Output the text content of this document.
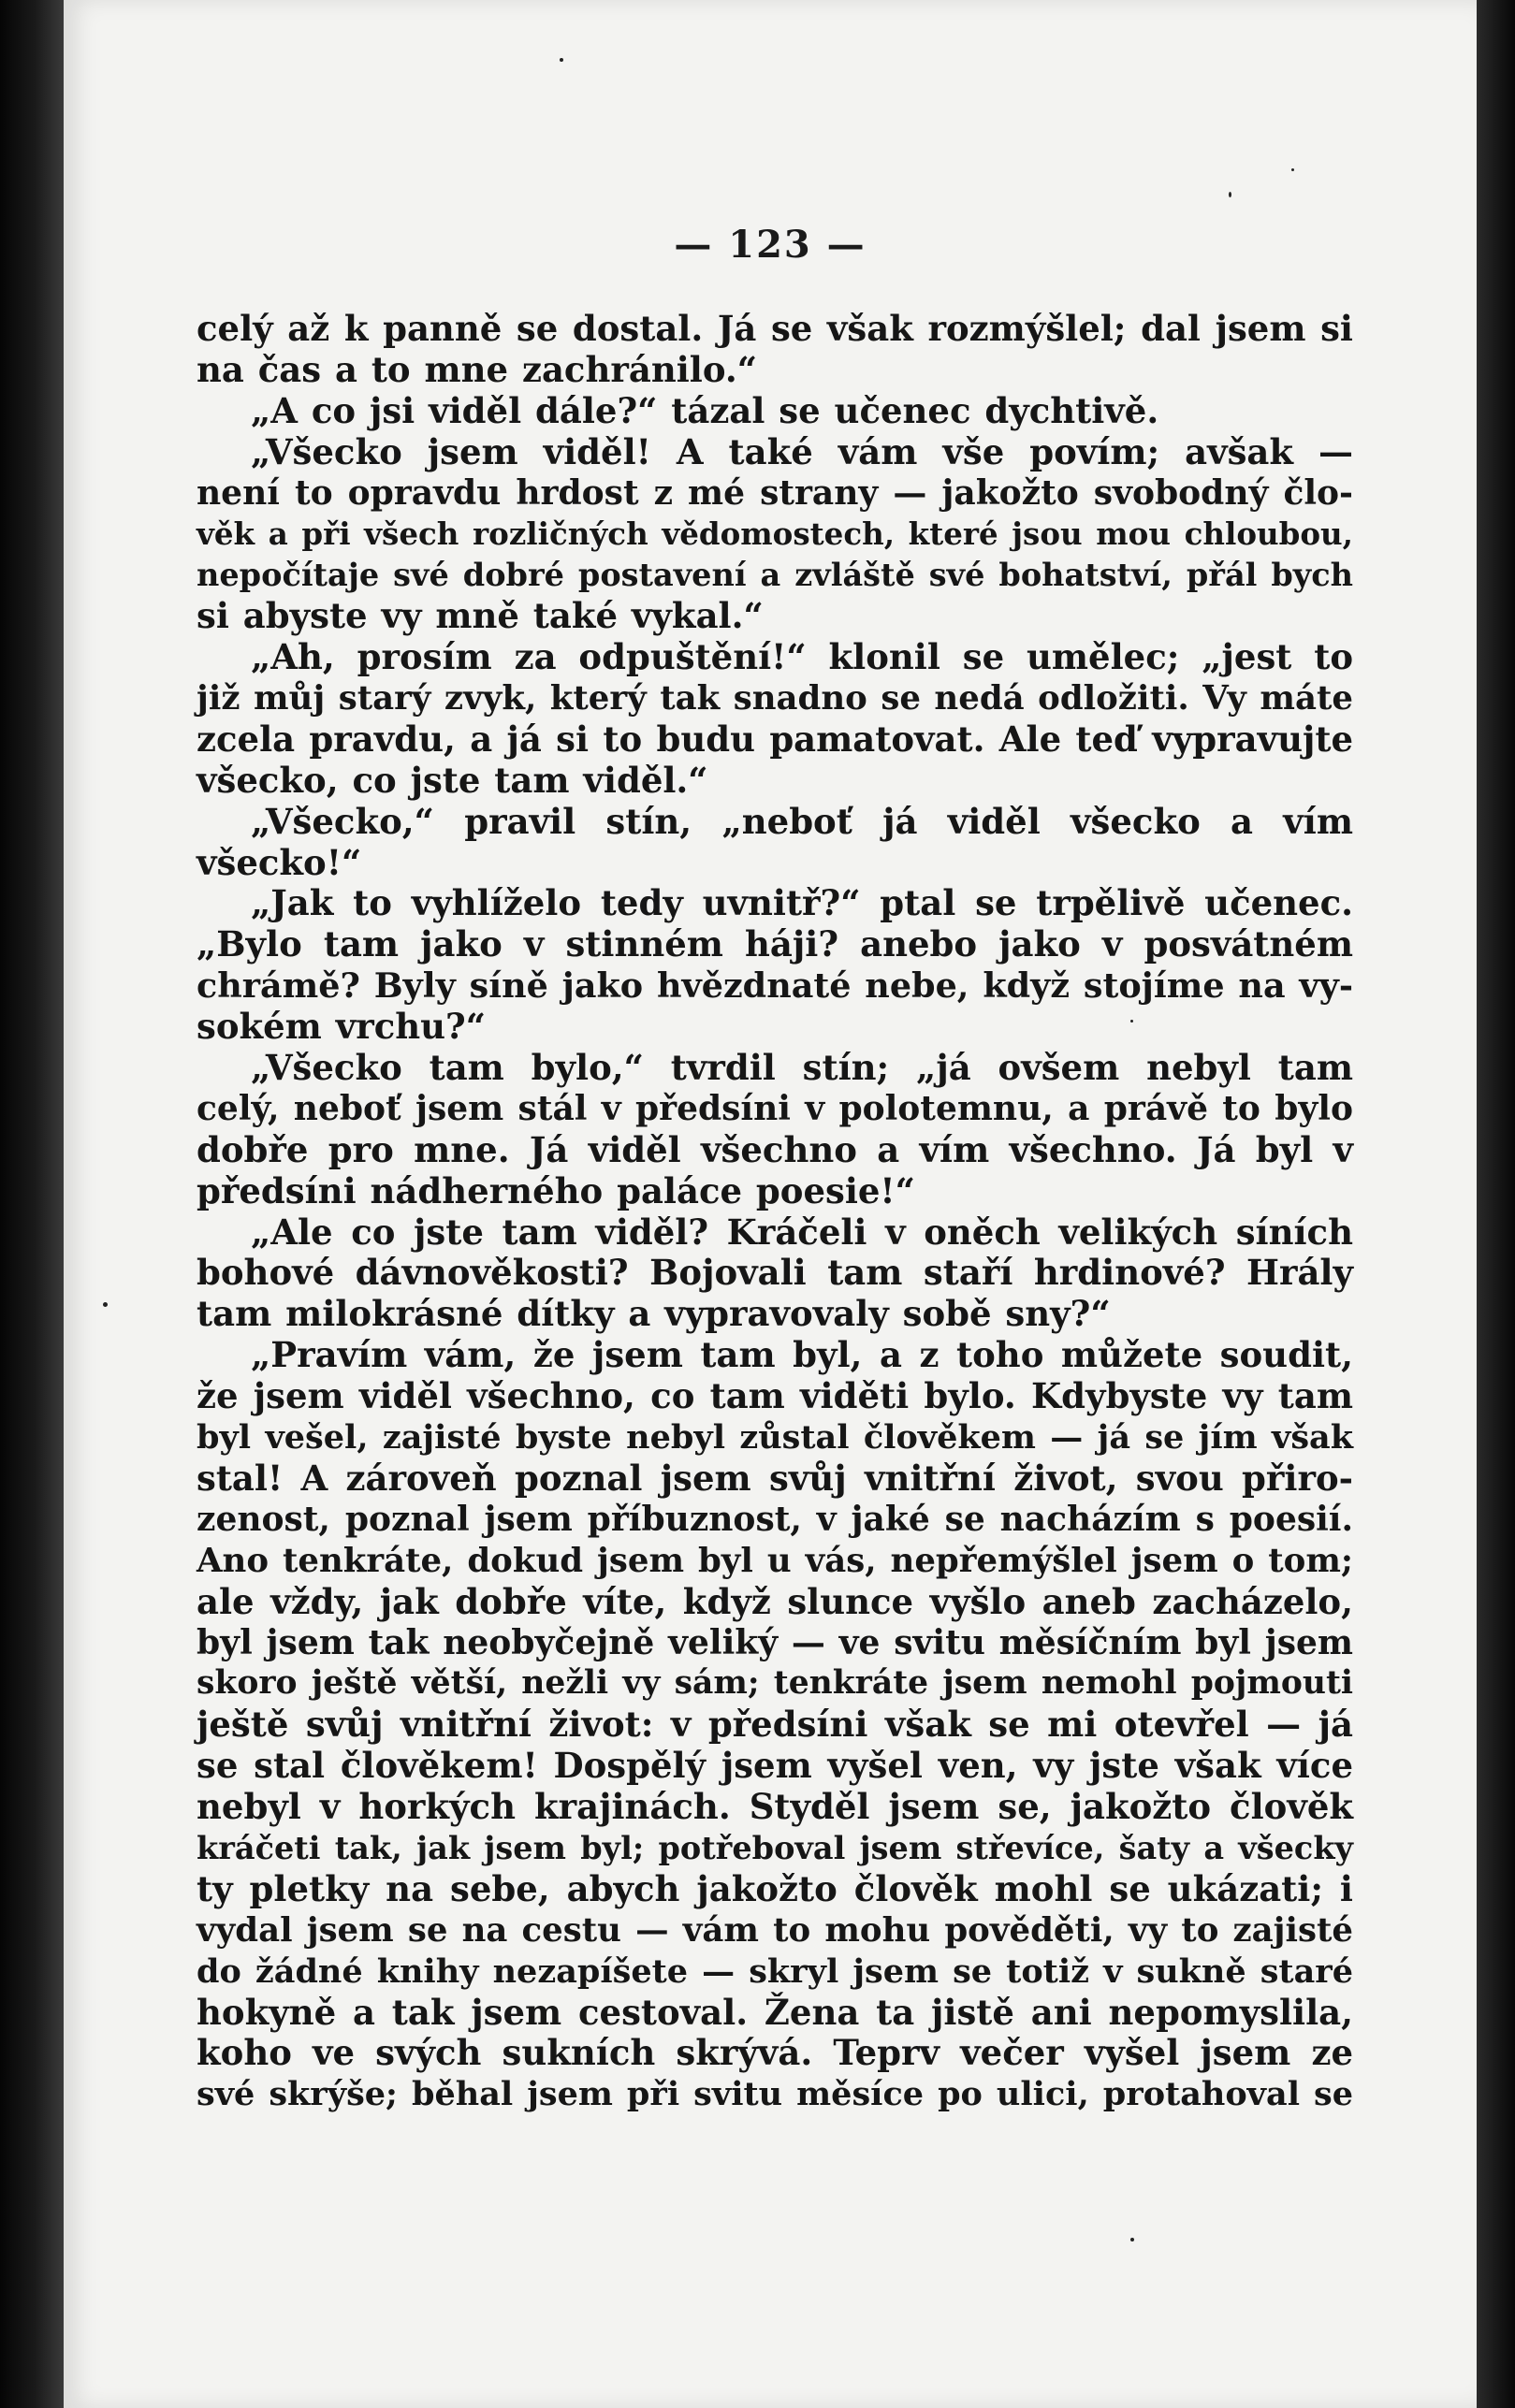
— 123 —
celý až k panně se dostal. Já se však rozmýšlel; dal jsem si
na čas a to mne zachránilo.“
„A co jsi viděl dále?“ tázal se učenec dychtivě.
„Všecko jsem viděl! A také vám vše povím; avšak —
není to opravdu hrdost z mé strany — jakožto svobodný člo-
věk a při všech rozličných vědomostech, které jsou mou chloubou,
nepočítaje své dobré postavení a zvláště své bohatství, přál bych
si abyste vy mně také vykal.“
„Ah, prosím za odpuštění!“ klonil se umělec; „jest to
již můj starý zvyk, který tak snadno se nedá odložiti. Vy máte
zcela pravdu, a já si to budu pamatovat. Ale teď vypravujte
všecko, co jste tam viděl.“
„Všecko,“ pravil stín, „neboť já viděl všecko a vím
všecko!“
„Jak to vyhlíželo tedy uvnitř?“ ptal se trpělivě učenec.
„Bylo tam jako v stinném háji? anebo jako v posvátném
chrámě? Byly síně jako hvězdnaté nebe, když stojíme na vy-
sokém vrchu?“
„Všecko tam bylo,“ tvrdil stín; „já ovšem nebyl tam
celý, neboť jsem stál v předsíni v polotemnu, a právě to bylo
dobře pro mne. Já viděl všechno a vím všechno. Já byl v
předsíni nádherného paláce poesie!“
„Ale co jste tam viděl? Kráčeli v oněch velikých síních
bohové dávnověkosti? Bojovali tam staří hrdinové? Hrály
tam milokrásné dítky a vypravovaly sobě sny?“
„Pravím vám, že jsem tam byl, a z toho můžete soudit,
že jsem viděl všechno, co tam viděti bylo. Kdybyste vy tam
byl vešel, zajisté byste nebyl zůstal člověkem — já se jím však
stal! A zároveň poznal jsem svůj vnitřní život, svou přiro-
zenost, poznal jsem příbuznost, v jaké se nacházím s poesií.
Ano tenkráte, dokud jsem byl u vás, nepřemýšlel jsem o tom;
ale vždy, jak dobře víte, když slunce vyšlo aneb zacházelo,
byl jsem tak neobyčejně veliký — ve svitu měsíčním byl jsem
skoro ještě větší, nežli vy sám; tenkráte jsem nemohl pojmouti
ještě svůj vnitřní život: v předsíni však se mi otevřel — já
se stal člověkem! Dospělý jsem vyšel ven, vy jste však více
nebyl v horkých krajinách. Styděl jsem se, jakožto člověk
kráčeti tak, jak jsem byl; potřeboval jsem střevíce, šaty a všecky
ty pletky na sebe, abych jakožto člověk mohl se ukázati; i
vydal jsem se na cestu — vám to mohu pověděti, vy to zajisté
do žádné knihy nezapíšete — skryl jsem se totiž v sukně staré
hokyně a tak jsem cestoval. Žena ta jistě ani nepomyslila,
koho ve svých sukních skrývá. Teprv večer vyšel jsem ze
své skrýše; běhal jsem při svitu měsíce po ulici, protahoval se
